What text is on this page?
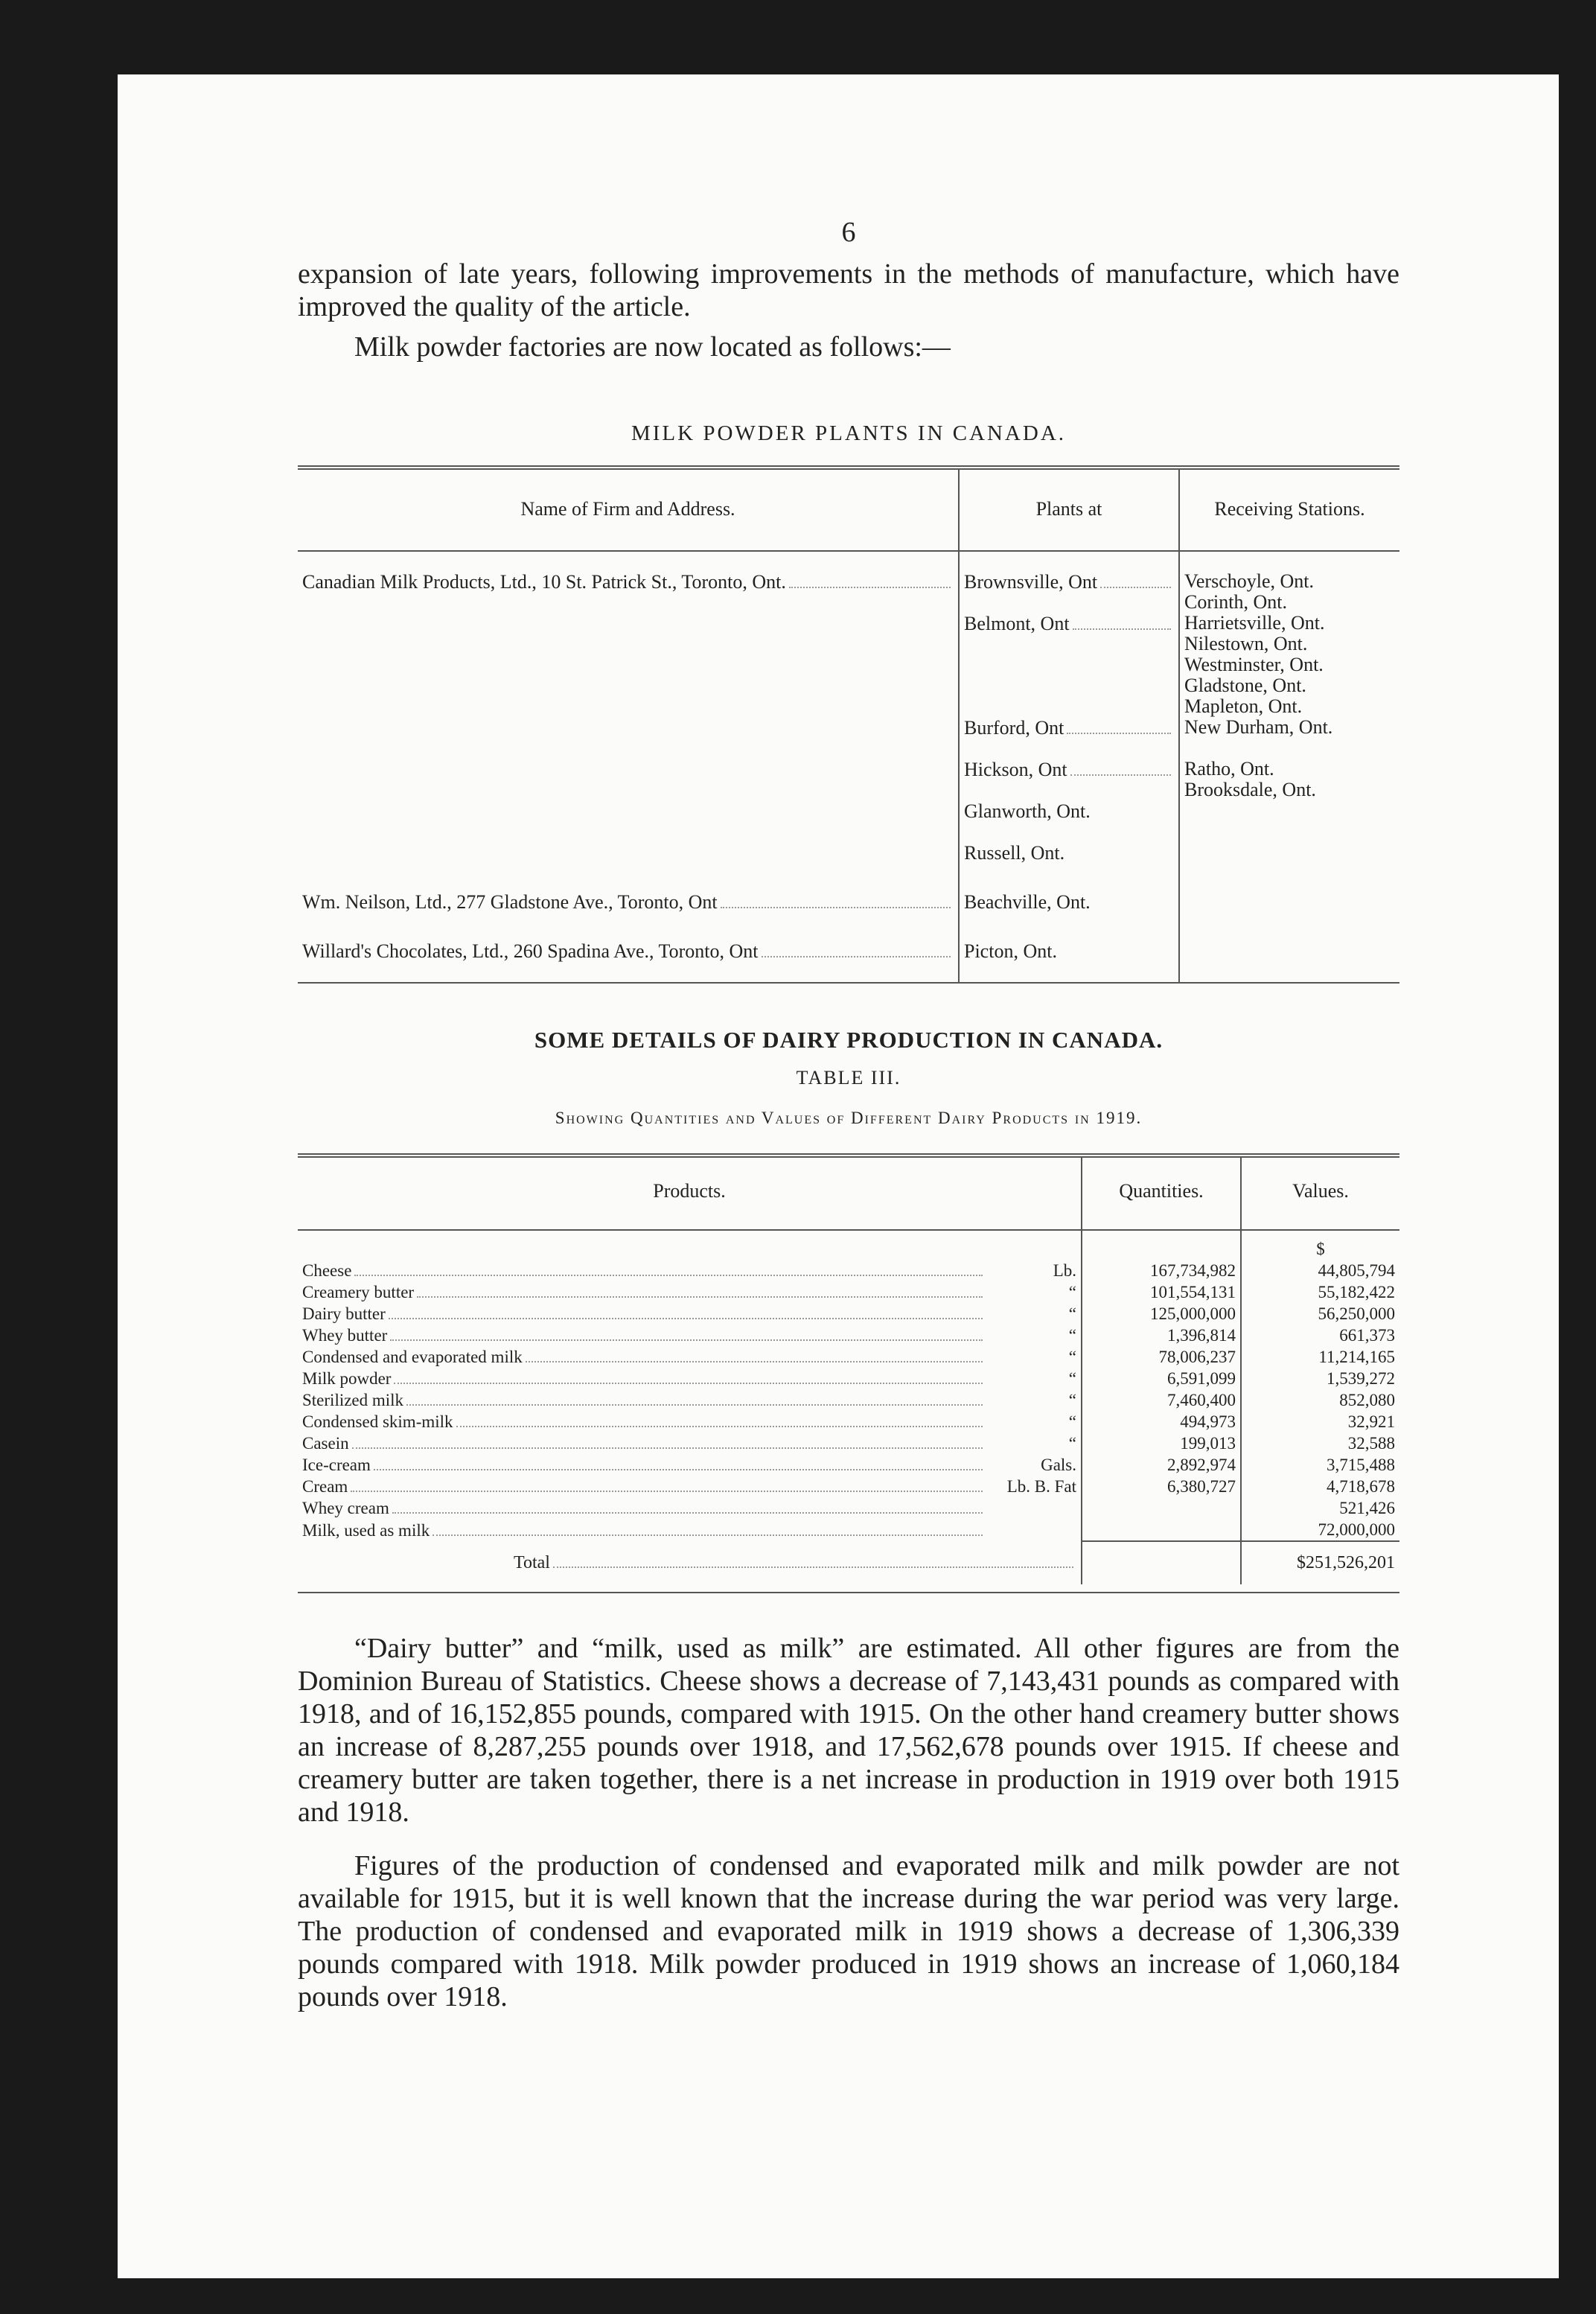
6

expansion of late years, following improvements in the methods of manufacture, which have improved the quality of the article.

Milk powder factories are now located as follows:—

MILK POWDER PLANTS IN CANADA.
Name of Firm and Address.	Plants at	Receiving Stations.

Canadian Milk Products, Ltd., 10 St. Patrick St., Toronto, Ont.	Brownsville, Ont	Verschoyle, Ont.
Corinth, Ont.

	Belmont, Ont	Harrietsville, Ont.
Nilestown, Ont.
Westminster, Ont.
Gladstone, Ont.
Mapleton, Ont.

	Burford, Ont	New Durham, Ont.

	Hickson, Ont	Ratho, Ont.
Brooksdale, Ont.

	Glanworth, Ont.	

	Russell, Ont.	

Wm. Neilson, Ltd., 277 Gladstone Ave., Toronto, Ont	Beachville, Ont.	

Willard's Chocolates, Ltd., 260 Spadina Ave., Toronto, Ont	Picton, Ont.	

SOME DETAILS OF DAIRY PRODUCTION IN CANADA.
TABLE III.
Showing Quantities and Values of Different Dairy Products in 1919.
Products.		Quantities.	Values.
			$

Cheese	Lb.	167,734,982	44,805,794

Creamery butter	“	101,554,131	55,182,422

Dairy butter	“	125,000,000	56,250,000

Whey butter	“	1,396,814	661,373

Condensed and evaporated milk	“	78,006,237	11,214,165

Milk powder	“	6,591,099	1,539,272

Sterilized milk	“	7,460,400	852,080

Condensed skim-milk	“	494,973	32,921

Casein	“	199,013	32,588

Ice-cream	Gals.	2,892,974	3,715,488

Cream	Lb. B. Fat	6,380,727	4,718,678

Whey cream			521,426

Milk, used as milk			72,000,000

Total			$251,526,201

“Dairy butter” and “milk, used as milk” are estimated. All other figures are from the Dominion Bureau of Statistics. Cheese shows a decrease of 7,143,431 pounds as compared with 1918, and of 16,152,855 pounds, compared with 1915. On the other hand creamery butter shows an increase of 8,287,255 pounds over 1918, and 17,562,678 pounds over 1915. If cheese and creamery butter are taken together, there is a net increase in production in 1919 over both 1915 and 1918.

Figures of the production of condensed and evaporated milk and milk powder are not available for 1915, but it is well known that the increase during the war period was very large. The production of condensed and evaporated milk in 1919 shows a decrease of 1,306,339 pounds compared with 1918. Milk powder produced in 1919 shows an increase of 1,060,184 pounds over 1918.
